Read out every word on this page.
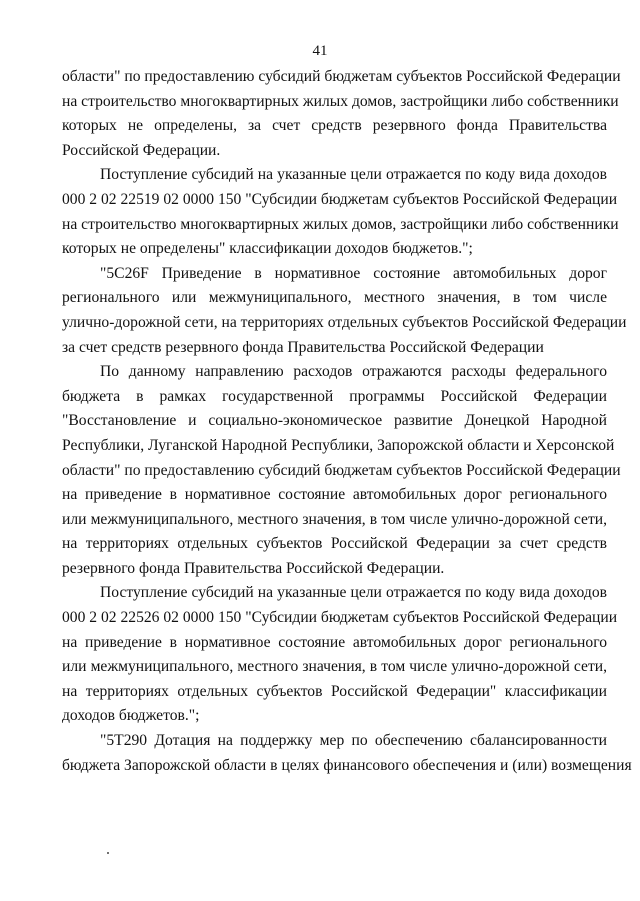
41
области" по предоставлению субсидий бюджетам субъектов Российской Федерации
на строительство многоквартирных жилых домов, застройщики либо собственники
которых не определены, за счет средств резервного фонда Правительства
Российской Федерации.
Поступление субсидий на указанные цели отражается по коду вида доходов
000 2 02 22519 02 0000 150 "Субсидии бюджетам субъектов Российской Федерации
на строительство многоквартирных жилых домов, застройщики либо собственники
которых не определены" классификации доходов бюджетов.";
"5С26F Приведение в нормативное состояние автомобильных дорог
регионального или межмуниципального, местного значения, в том числе
улично-дорожной сети, на территориях отдельных субъектов Российской Федерации
за счет средств резервного фонда Правительства Российской Федерации
По данному направлению расходов отражаются расходы федерального
бюджета в рамках государственной программы Российской Федерации
"Восстановление и социально-экономическое развитие Донецкой Народной
Республики, Луганской Народной Республики, Запорожской области и Херсонской
области" по предоставлению субсидий бюджетам субъектов Российской Федерации
на приведение в нормативное состояние автомобильных дорог регионального
или межмуниципального, местного значения, в том числе улично-дорожной сети,
на территориях отдельных субъектов Российской Федерации за счет средств
резервного фонда Правительства Российской Федерации.
Поступление субсидий на указанные цели отражается по коду вида доходов
000 2 02 22526 02 0000 150 "Субсидии бюджетам субъектов Российской Федерации
на приведение в нормативное состояние автомобильных дорог регионального
или межмуниципального, местного значения, в том числе улично-дорожной сети,
на территориях отдельных субъектов Российской Федерации" классификации
доходов бюджетов.";
"5Т290 Дотация на поддержку мер по обеспечению сбалансированности
бюджета Запорожской области в целях финансового обеспечения и (или) возмещения
